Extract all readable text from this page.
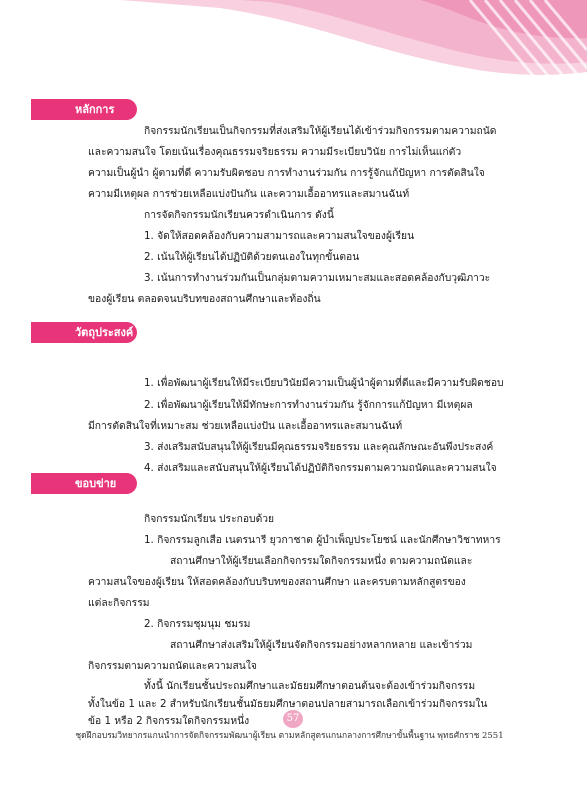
หลักการ
กิจกรรมนักเรียนเป็นกิจกรรมที่ส่งเสริมให้ผู้เรียนได้เข้าร่วมกิจกรรมตามความถนัด
และความสนใจ โดยเน้นเรื่องคุณธรรมจริยธรรม ความมีระเบียบวินัย การไม่เห็นแก่ตัว
ความเป็นผู้นำ ผู้ตามที่ดี ความรับผิดชอบ การทำงานร่วมกัน การรู้จักแก้ปัญหา การตัดสินใจ
ความมีเหตุผล การช่วยเหลือแบ่งปันกัน และความเอื้ออาทรและสมานฉันท์
การจัดกิจกรรมนักเรียนควรดำเนินการ ดังนี้
1. จัดให้สอดคล้องกับความสามารถและความสนใจของผู้เรียน
2. เน้นให้ผู้เรียนได้ปฏิบัติด้วยตนเองในทุกขั้นตอน
3. เน้นการทำงานร่วมกันเป็นกลุ่มตามความเหมาะสมและสอดคล้องกับวุฒิภาวะ
ของผู้เรียน ตลอดจนบริบทของสถานศึกษาและท้องถิ่น
วัตถุประสงค์
1. เพื่อพัฒนาผู้เรียนให้มีระเบียบวินัยมีความเป็นผู้นำผู้ตามที่ดีและมีความรับผิดชอบ
2. เพื่อพัฒนาผู้เรียนให้มีทักษะการทำงานร่วมกัน รู้จักการแก้ปัญหา มีเหตุผล
มีการตัดสินใจที่เหมาะสม ช่วยเหลือแบ่งปัน และเอื้ออาทรและสมานฉันท์
3. ส่งเสริมสนับสนุนให้ผู้เรียนมีคุณธรรมจริยธรรม และคุณลักษณะอันพึงประสงค์
4. ส่งเสริมและสนับสนุนให้ผู้เรียนได้ปฏิบัติกิจกรรมตามความถนัดและความสนใจ
ขอบข่าย
กิจกรรมนักเรียน ประกอบด้วย
1. กิจกรรมลูกเสือ เนตรนารี ยุวกาชาด ผู้บำเพ็ญประโยชน์ และนักศึกษาวิชาทหาร
สถานศึกษาให้ผู้เรียนเลือกกิจกรรมใดกิจกรรมหนึ่ง ตามความถนัดและ
ความสนใจของผู้เรียน ให้สอดคล้องกับบริบทของสถานศึกษา และครบตามหลักสูตรของ
แต่ละกิจกรรม
2. กิจกรรมชุมนุม ชมรม
สถานศึกษาส่งเสริมให้ผู้เรียนจัดกิจกรรมอย่างหลากหลาย และเข้าร่วม
กิจกรรมตามความถนัดและความสนใจ
ทั้งนี้ นักเรียนชั้นประถมศึกษาและมัธยมศึกษาตอนต้นจะต้องเข้าร่วมกิจกรรม
ทั้งในข้อ 1 และ 2 สำหรับนักเรียนชั้นมัธยมศึกษาตอนปลายสามารถเลือกเข้าร่วมกิจกรรมใน
ข้อ 1 หรือ 2 กิจกรรมใดกิจกรรมหนึ่ง	57
ชุดฝึกอบรมวิทยากรแกนนำการจัดกิจกรรมพัฒนาผู้เรียน ตามหลักสูตรแกนกลางการศึกษาขั้นพื้นฐาน พุทธศักราช 2551
